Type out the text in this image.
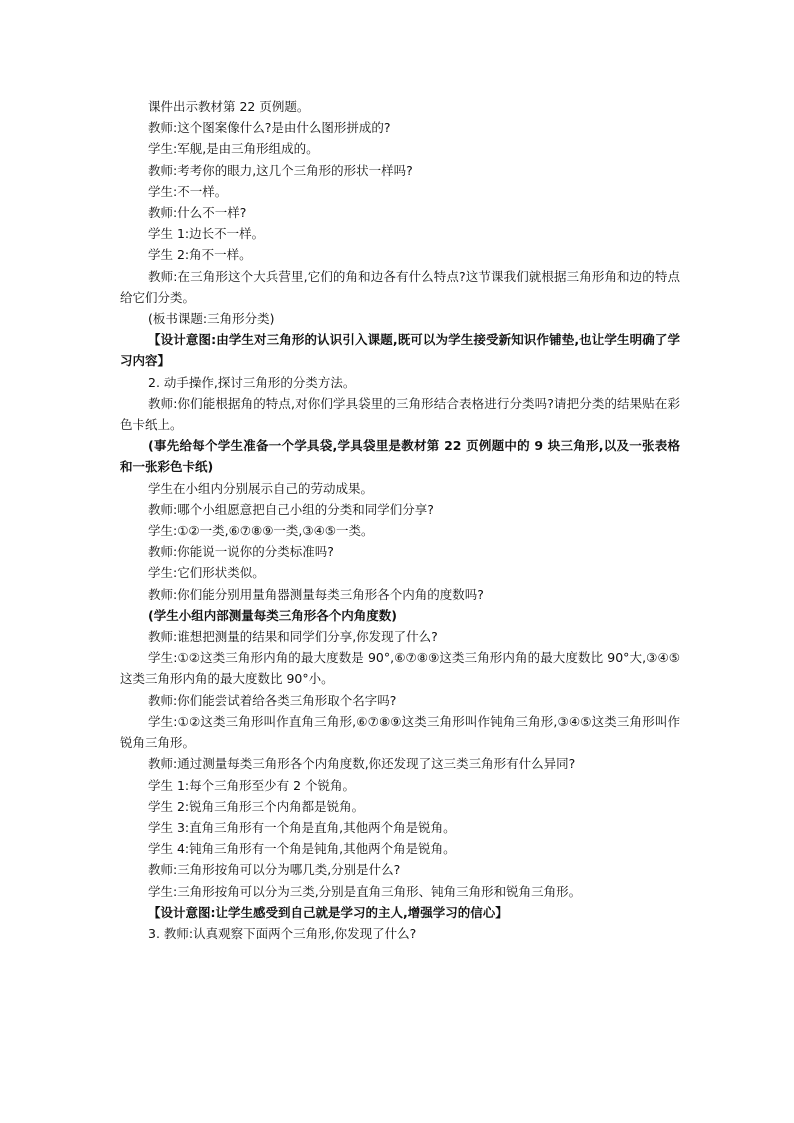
课件出示教材第 22 页例题。
教师:这个图案像什么?是由什么图形拼成的?
学生:军舰,是由三角形组成的。
教师:考考你的眼力,这几个三角形的形状一样吗?
学生:不一样。
教师:什么不一样?
学生 1:边长不一样。
学生 2:角不一样。
教师:在三角形这个大兵营里,它们的角和边各有什么特点?这节课我们就根据三角形角和边的特点给它们分类。
(板书课题:三角形分类)
【设计意图:由学生对三角形的认识引入课题,既可以为学生接受新知识作铺垫,也让学生明确了学习内容】
2. 动手操作,探讨三角形的分类方法。
教师:你们能根据角的特点,对你们学具袋里的三角形结合表格进行分类吗?请把分类的结果贴在彩色卡纸上。
(事先给每个学生准备一个学具袋,学具袋里是教材第 22 页例题中的 9 块三角形,以及一张表格和一张彩色卡纸)
学生在小组内分别展示自己的劳动成果。
教师:哪个小组愿意把自己小组的分类和同学们分享?
学生:①②一类,⑥⑦⑧⑨一类,③④⑤一类。
教师:你能说一说你的分类标准吗?
学生:它们形状类似。
教师:你们能分别用量角器测量每类三角形各个内角的度数吗?
(学生小组内部测量每类三角形各个内角度数)
教师:谁想把测量的结果和同学们分享,你发现了什么?
学生:①②这类三角形内角的最大度数是 90°,⑥⑦⑧⑨这类三角形内角的最大度数比 90°大,③④⑤这类三角形内角的最大度数比 90°小。
教师:你们能尝试着给各类三角形取个名字吗?
学生:①②这类三角形叫作直角三角形,⑥⑦⑧⑨这类三角形叫作钝角三角形,③④⑤这类三角形叫作锐角三角形。
教师:通过测量每类三角形各个内角度数,你还发现了这三类三角形有什么异同?
学生 1:每个三角形至少有 2 个锐角。
学生 2:锐角三角形三个内角都是锐角。
学生 3:直角三角形有一个角是直角,其他两个角是锐角。
学生 4:钝角三角形有一个角是钝角,其他两个角是锐角。
教师:三角形按角可以分为哪几类,分别是什么?
学生:三角形按角可以分为三类,分别是直角三角形、钝角三角形和锐角三角形。
【设计意图:让学生感受到自己就是学习的主人,增强学习的信心】
3. 教师:认真观察下面两个三角形,你发现了什么?
